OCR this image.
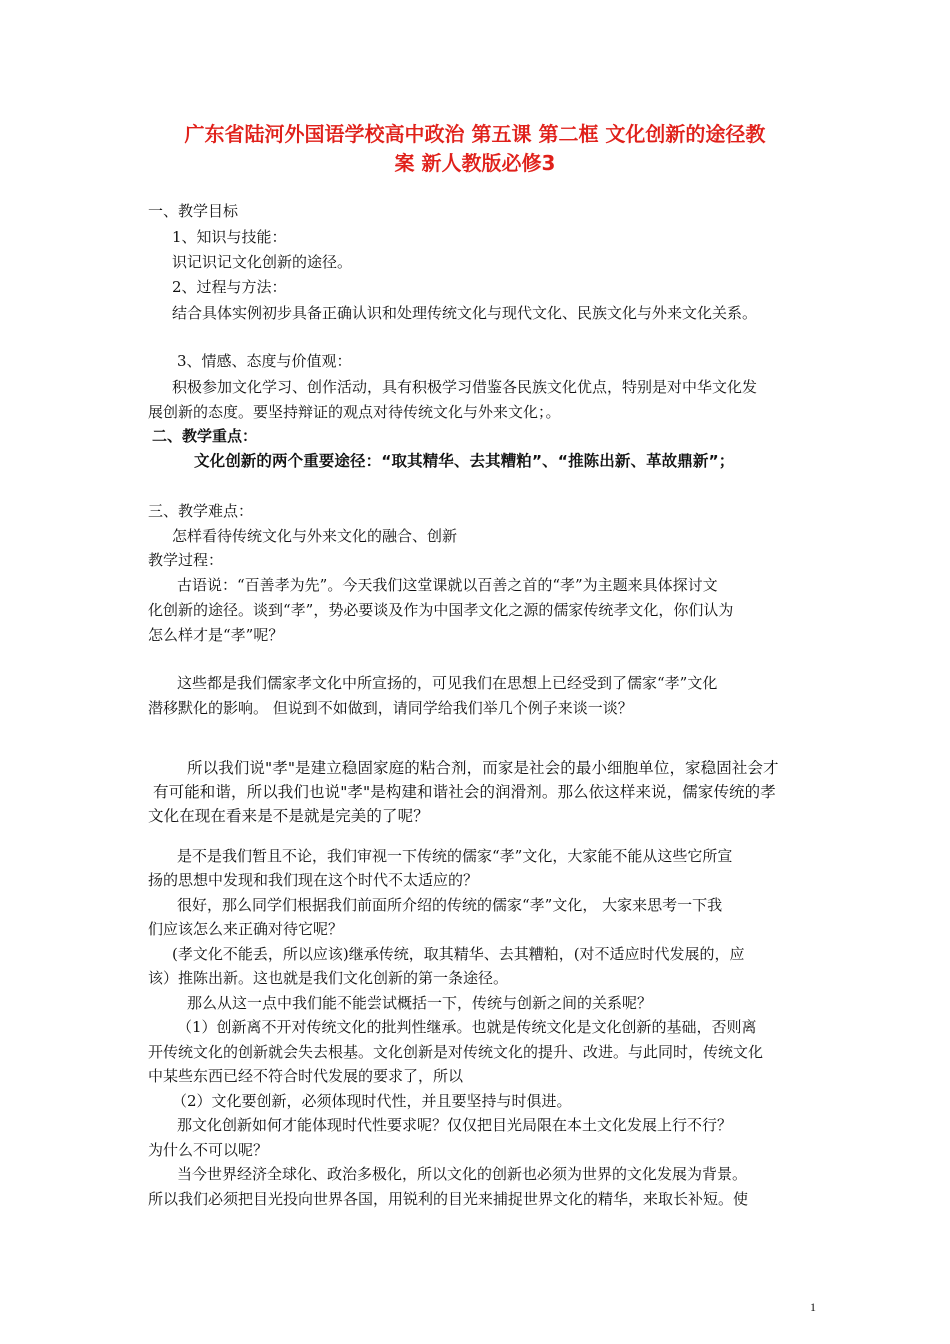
广东省陆河外国语学校高中政治 第五课 第二框 文化创新的途径教
案 新人教版必修3
一、教学目标
1、知识与技能：
识记识记文化创新的途径。
2、过程与方法：
结合具体实例初步具备正确认识和处理传统文化与现代文化、民族文化与外来文化关系。
3、情感、态度与价值观：
积极参加文化学习、创作活动，具有积极学习借鉴各民族文化优点，特别是对中华文化发
展创新的态度。要坚持辩证的观点对待传统文化与外来文化；。
二、教学重点：
文化创新的两个重要途径：“取其精华、去其糟粕”、“推陈出新、革故鼎新”；
三、教学难点：
怎样看待传统文化与外来文化的融合、创新
教学过程：
古语说：“百善孝为先”。今天我们这堂课就以百善之首的“孝”为主题来具体探讨文
化创新的途径。谈到“孝”，势必要谈及作为中国孝文化之源的儒家传统孝文化，你们认为
怎么样才是“孝”呢？
这些都是我们儒家孝文化中所宣扬的，可见我们在思想上已经受到了儒家“孝”文化
潜移默化的影响。 但说到不如做到，请同学给我们举几个例子来谈一谈？
所以我们说"孝"是建立稳固家庭的粘合剂，而家是社会的最小细胞单位，家稳固社会才
有可能和谐，所以我们也说"孝"是构建和谐社会的润滑剂。那么依这样来说，儒家传统的孝
文化在现在看来是不是就是完美的了呢？
是不是我们暂且不论，我们审视一下传统的儒家“孝”文化，大家能不能从这些它所宣
扬的思想中发现和我们现在这个时代不太适应的？
很好，那么同学们根据我们前面所介绍的传统的儒家“孝”文化， 大家来思考一下我
们应该怎么来正确对待它呢？
(孝文化不能丢，所以应该)继承传统，取其精华、去其糟粕，(对不适应时代发展的，应
该）推陈出新。这也就是我们文化创新的第一条途径。
那么从这一点中我们能不能尝试概括一下，传统与创新之间的关系呢？
（1）创新离不开对传统文化的批判性继承。也就是传统文化是文化创新的基础，否则离
开传统文化的创新就会失去根基。文化创新是对传统文化的提升、改进。与此同时，传统文化
中某些东西已经不符合时代发展的要求了，所以
（2）文化要创新，必须体现时代性，并且要坚持与时俱进。
那文化创新如何才能体现时代性要求呢？仅仅把目光局限在本土文化发展上行不行？
为什么不可以呢？
当今世界经济全球化、政治多极化，所以文化的创新也必须为世界的文化发展为背景。
所以我们必须把目光投向世界各国，用锐利的目光来捕捉世界文化的精华，来取长补短。使
1
